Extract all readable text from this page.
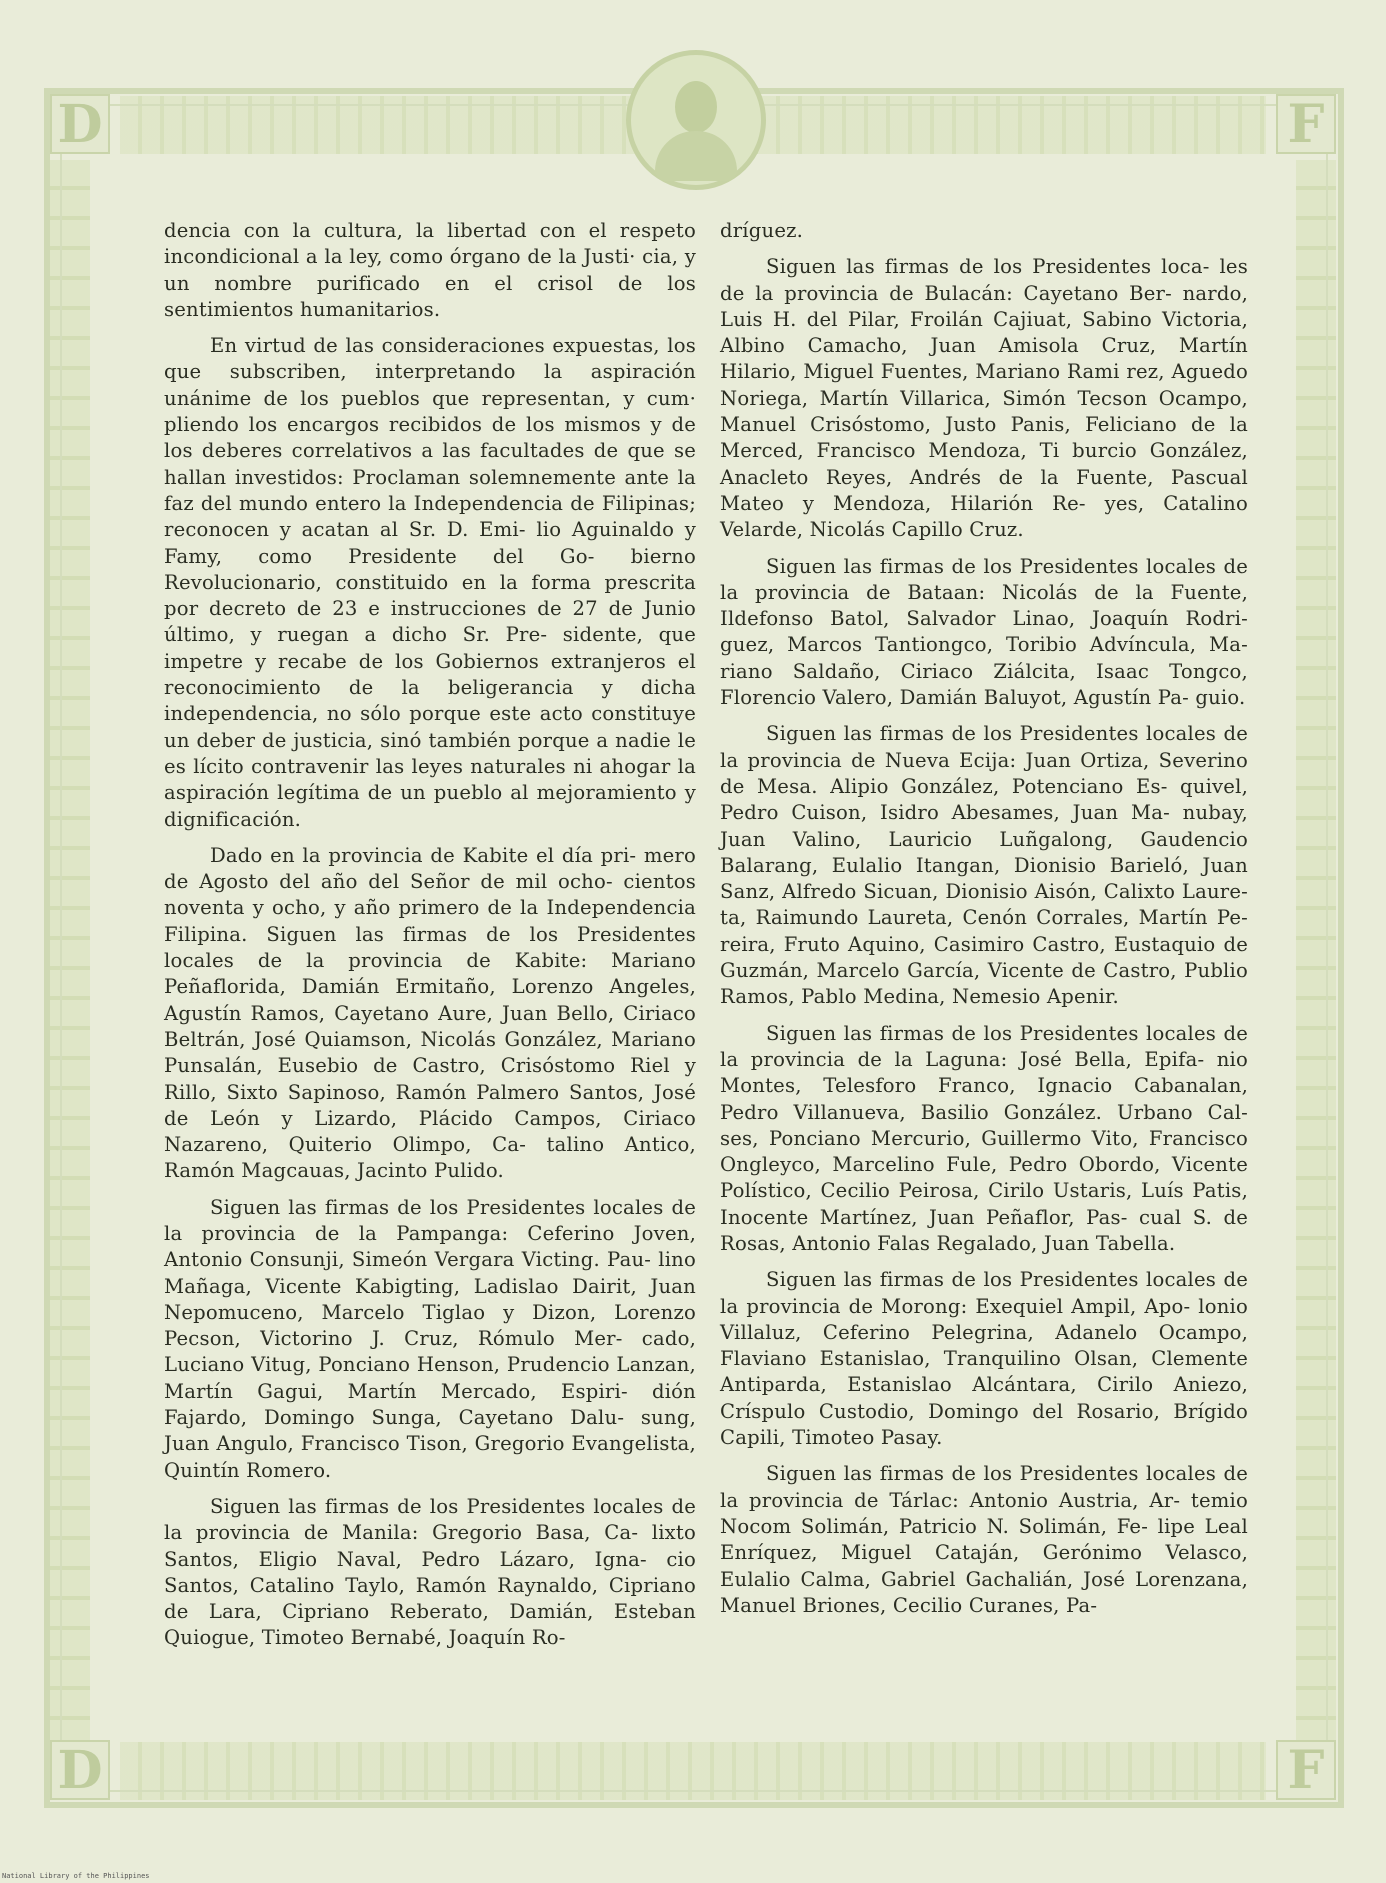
D	F
D	F

dencia con la cultura, la libertad con el respeto incondicional a la ley, como órgano de la Justi· cia, y un nombre purificado en el crisol de los sentimientos humanitarios.

En virtud de las consideraciones expuestas, los que subscriben, interpretando la aspiración unánime de los pueblos que representan, y cum· pliendo los encargos recibidos de los mismos y de los deberes correlativos a las facultades de que se hallan investidos: Proclaman solemnemente ante la faz del mundo entero la Independencia de Filipinas; reconocen y acatan al Sr. D. Emi- lio Aguinaldo y Famy, como Presidente del Go- bierno Revolucionario, constituido en la forma prescrita por decreto de 23 e instrucciones de 27 de Junio último, y ruegan a dicho Sr. Pre- sidente, que impetre y recabe de los Gobiernos extranjeros el reconocimiento de la beligerancia y dicha independencia, no sólo porque este acto constituye un deber de justicia, sinó también porque a nadie le es lícito contravenir las leyes naturales ni ahogar la aspiración legítima de un pueblo al mejoramiento y dignificación.

Dado en la provincia de Kabite el día pri- mero de Agosto del año del Señor de mil ocho- cientos noventa y ocho, y año primero de la Independencia Filipina. Siguen las firmas de los Presidentes locales de la provincia de Kabite: Mariano Peñaflorida, Damián Ermitaño, Lorenzo Angeles, Agustín Ramos, Cayetano Aure, Juan Bello, Ciriaco Beltrán, José Quiamson, Nicolás González, Mariano Punsalán, Eusebio de Castro, Crisóstomo Riel y Rillo, Sixto Sapinoso, Ramón Palmero Santos, José de León y Lizardo, Plácido Campos, Ciriaco Nazareno, Quiterio Olimpo, Ca- talino Antico, Ramón Magcauas, Jacinto Pulido.

Siguen las firmas de los Presidentes locales de la provincia de la Pampanga: Ceferino Joven, Antonio Consunji, Simeón Vergara Victing. Pau- lino Mañaga, Vicente Kabigting, Ladislao Dairit, Juan Nepomuceno, Marcelo Tiglao y Dizon, Lorenzo Pecson, Victorino J. Cruz, Rómulo Mer- cado, Luciano Vitug, Ponciano Henson, Prudencio Lanzan, Martín Gagui, Martín Mercado, Espiri- dión Fajardo, Domingo Sunga, Cayetano Dalu- sung, Juan Angulo, Francisco Tison, Gregorio Evangelista, Quintín Romero.

Siguen las firmas de los Presidentes locales de la provincia de Manila: Gregorio Basa, Ca- lixto Santos, Eligio Naval, Pedro Lázaro, Igna- cio Santos, Catalino Taylo, Ramón Raynaldo, Cipriano de Lara, Cipriano Reberato, Damián, Esteban Quiogue, Timoteo Bernabé, Joaquín Ro-

dríguez.

Siguen las firmas de los Presidentes loca- les de la provincia de Bulacán: Cayetano Ber- nardo, Luis H. del Pilar, Froilán Cajiuat, Sabino Victoria, Albino Camacho, Juan Amisola Cruz, Martín Hilario, Miguel Fuentes, Mariano Rami rez, Aguedo Noriega, Martín Villarica, Simón Tecson Ocampo, Manuel Crisóstomo, Justo Panis, Feliciano de la Merced, Francisco Mendoza, Ti burcio González, Anacleto Reyes, Andrés de la Fuente, Pascual Mateo y Mendoza, Hilarión Re- yes, Catalino Velarde, Nicolás Capillo Cruz.

Siguen las firmas de los Presidentes locales de la provincia de Bataan: Nicolás de la Fuente, Ildefonso Batol, Salvador Linao, Joaquín Rodri- guez, Marcos Tantiongco, Toribio Advíncula, Ma- riano Saldaño, Ciriaco Ziálcita, Isaac Tongco, Florencio Valero, Damián Baluyot, Agustín Pa- guio.

Siguen las firmas de los Presidentes locales de la provincia de Nueva Ecija: Juan Ortiza, Severino de Mesa. Alipio González, Potenciano Es- quivel, Pedro Cuison, Isidro Abesames, Juan Ma- nubay, Juan Valino, Lauricio Luñgalong, Gaudencio Balarang, Eulalio Itangan, Dionisio Barieló, Juan Sanz, Alfredo Sicuan, Dionisio Aisón, Calixto Laure- ta, Raimundo Laureta, Cenón Corrales, Martín Pe- reira, Fruto Aquino, Casimiro Castro, Eustaquio de Guzmán, Marcelo García, Vicente de Castro, Publio Ramos, Pablo Medina, Nemesio Apenir.

Siguen las firmas de los Presidentes locales de la provincia de la Laguna: José Bella, Epifa- nio Montes, Telesforo Franco, Ignacio Cabanalan, Pedro Villanueva, Basilio González. Urbano Cal- ses, Ponciano Mercurio, Guillermo Vito, Francisco Ongleyco, Marcelino Fule, Pedro Obordo, Vicente Polístico, Cecilio Peirosa, Cirilo Ustaris, Luís Patis, Inocente Martínez, Juan Peñaflor, Pas- cual S. de Rosas, Antonio Falas Regalado, Juan Tabella.

Siguen las firmas de los Presidentes locales de la provincia de Morong: Exequiel Ampil, Apo- lonio Villaluz, Ceferino Pelegrina, Adanelo Ocampo, Flaviano Estanislao, Tranquilino Olsan, Clemente Antiparda, Estanislao Alcántara, Cirilo Aniezo, Críspulo Custodio, Domingo del Rosario, Brígido Capili, Timoteo Pasay.

Siguen las firmas de los Presidentes locales de la provincia de Tárlac: Antonio Austria, Ar- temio Nocom Solimán, Patricio N. Solimán, Fe- lipe Leal Enríquez, Miguel Cataján, Gerónimo Velasco, Eulalio Calma, Gabriel Gachalián, José Lorenzana, Manuel Briones, Cecilio Curanes, Pa-

National Library of the Philippines
